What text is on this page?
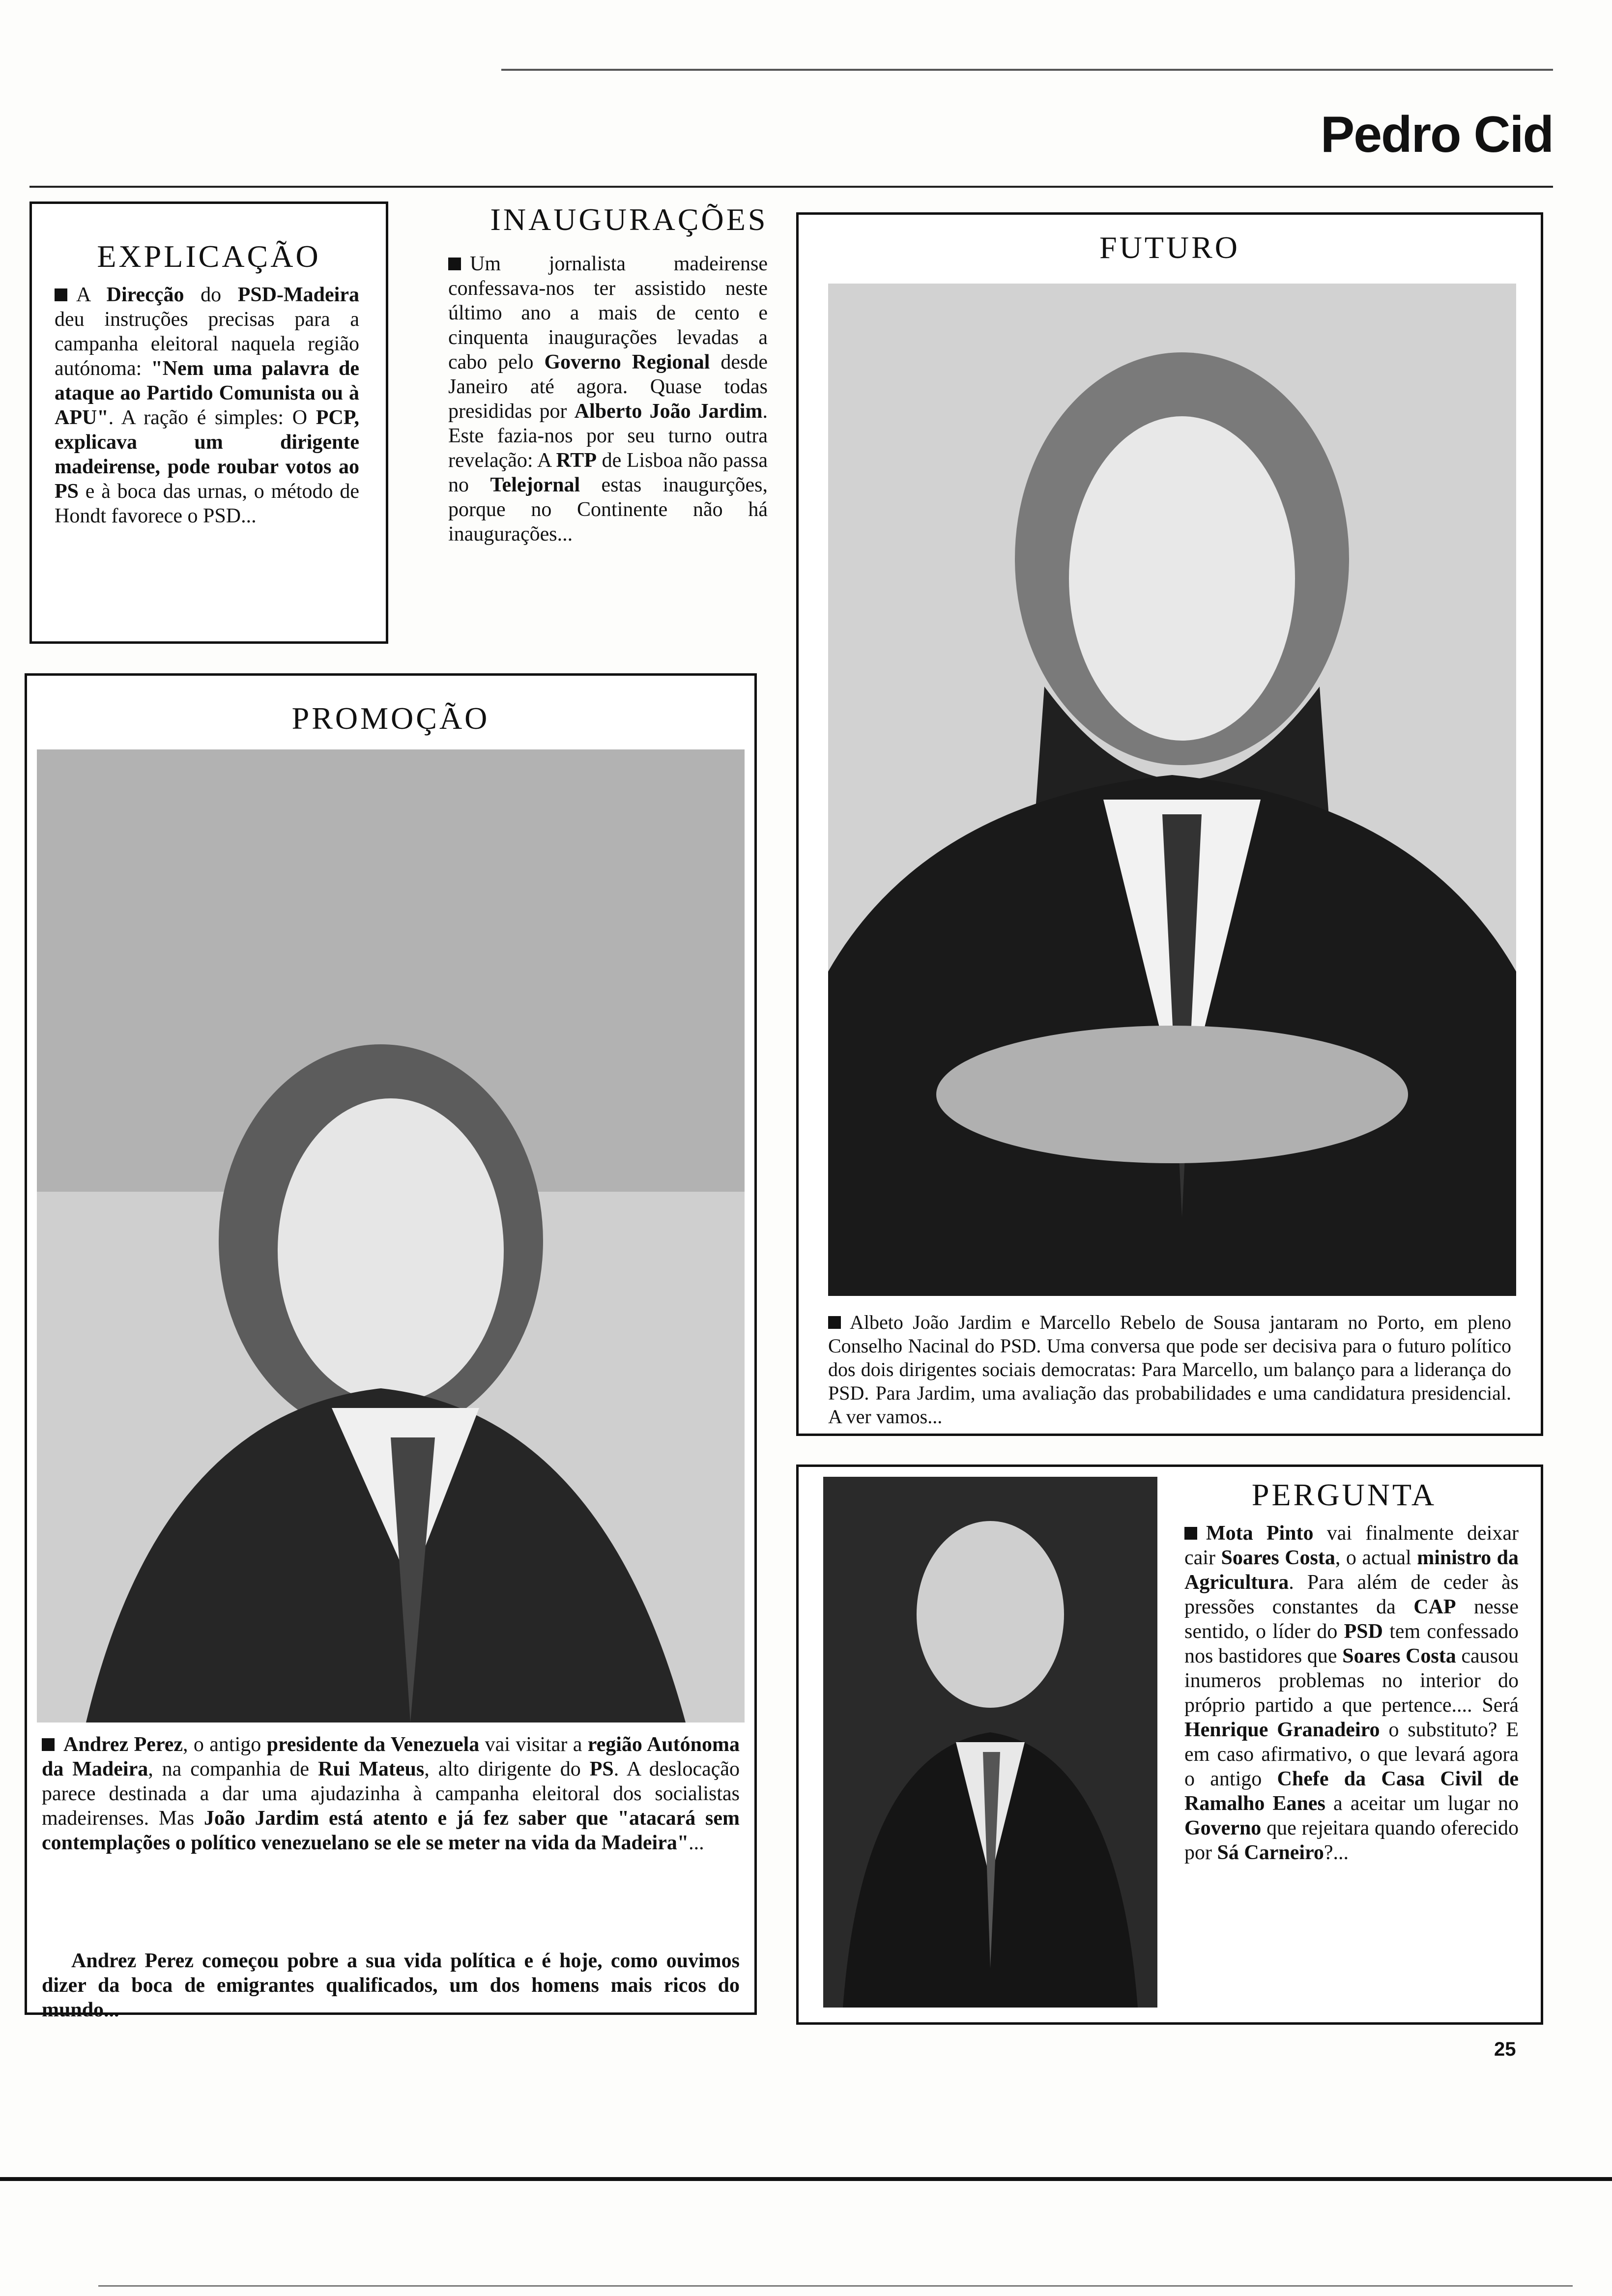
Pedro Cid
EXPLICAÇÃO

A Direcção do PSD-Madeira deu instruções precisas para a campanha eleitoral naquela região autónoma: "Nem uma palavra de ataque ao Partido Comunista ou à APU". A ração é simples: O PCP, explicava um dirigente madeirense, pode roubar votos ao PS e à boca das urnas, o método de Hondt favorece o PSD...

INAUGURAÇÕES

Um jornalista madeirense confessava-nos ter assistido neste último ano a mais de cento e cinquenta inaugurações levadas a cabo pelo Governo Regional desde Janeiro até agora. Quase todas presididas por Alberto João Jardim. Este fazia-nos por seu turno outra revelação: A RTP de Lisboa não passa no Telejornal estas inaugurções, porque no Continente não há inaugurações...

FUTURO

Albeto João Jardim e Marcello Rebelo de Sousa jantaram no Porto, em pleno Conselho Nacinal do PSD. Uma conversa que pode ser decisiva para o futuro político dos dois dirigentes sociais democratas: Para Marcello, um balanço para a liderança do PSD. Para Jardim, uma avaliação das probabilidades e uma candidatura presidencial. A ver vamos...

PROMOÇÃO

Andrez Perez, o antigo presidente da Venezuela vai visitar a região Autónoma da Madeira, na companhia de Rui Mateus, alto dirigente do PS. A deslocação parece destinada a dar uma ajudazinha à campanha eleitoral dos socialistas madeirenses. Mas João Jardim está atento e já fez saber que "atacará sem contemplações o político venezuelano se ele se meter na vida da Madeira"...

Andrez Perez começou pobre a sua vida política e é hoje, como ouvimos dizer da boca de emigrantes qualificados, um dos homens mais ricos do mundo...

PERGUNTA

Mota Pinto vai finalmente deixar cair Soares Costa, o actual ministro da Agricultura. Para além de ceder às pressões constantes da CAP nesse sentido, o líder do PSD tem confessado nos bastidores que Soares Costa causou inumeros problemas no interior do próprio partido a que pertence.... Será Henrique Granadeiro o substituto? E em caso afirmativo, o que levará agora o antigo Chefe da Casa Civil de Ramalho Eanes a aceitar um lugar no Governo que rejeitara quando oferecido por Sá Carneiro?...

25
